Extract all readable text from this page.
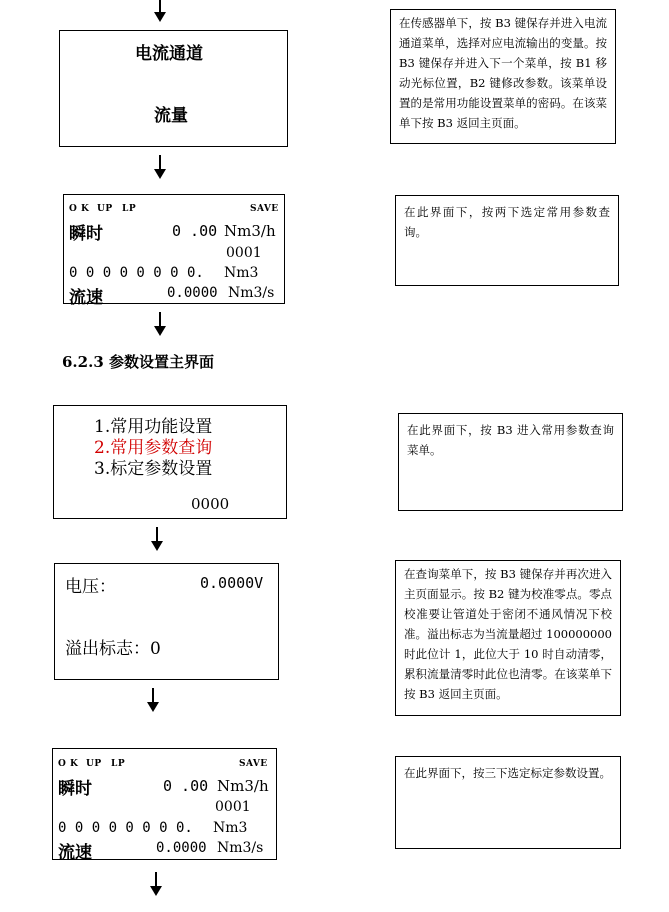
电流通道
流量
在传感器单下，按 B3 键保存并进入电流通道菜单，选择对应电流输出的变量。按 B3 键保存并进入下一个菜单，按 B1 移动光标位置，B2 键修改参数。该菜单设置的是常用功能设置菜单的密码。在该菜单下按 B3 返回主页面。
O K UP LP	SAVE
瞬时	0 .00 Nm3/h
0001
0 0 0 0 0 0 0 0. Nm3
流速	0.0000 Nm3/s
在此界面下，按两下选定常用参数查询。
6.2.3 参数设置主界面
1.常用功能设置
2.常用参数查询
3.标定参数设置
0000
在此界面下，按 B3 进入常用参数查询菜单。
电压：	0.0000V
溢出标志：0
在查询菜单下，按 B3 键保存并再次进入主页面显示。按 B2 键为校准零点。零点校准要让管道处于密闭不通风情况下校准。溢出标志为当流量超过 100000000 时此位计 1，此位大于 10 时自动清零，累积流量清零时此位也清零。在该菜单下按 B3 返回主页面。
O K UP LP	SAVE
瞬时	0 .00 Nm3/h
0001
0 0 0 0 0 0 0 0. Nm3
流速	0.0000 Nm3/s
在此界面下，按三下选定标定参数设置。
